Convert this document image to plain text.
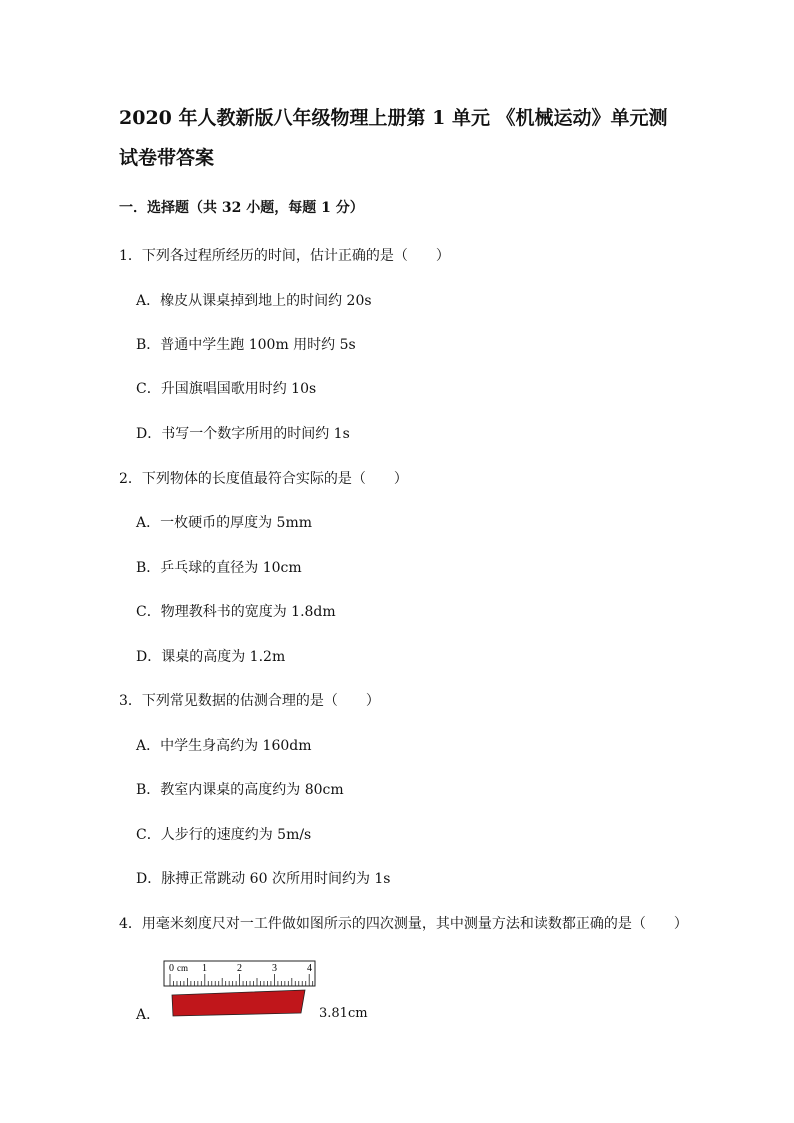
2020 年人教新版八年级物理上册第 1 单元 《机械运动》单元测
试卷带答案
一．选择题（共 32 小题，每题 1 分）
1．下列各过程所经历的时间，估计正确的是（　　）
A．橡皮从课桌掉到地上的时间约 20s
B．普通中学生跑 100m 用时约 5s
C．升国旗唱国歌用时约 10s
D．书写一个数字所用的时间约 1s
2．下列物体的长度值最符合实际的是（　　）
A．一枚硬币的厚度为 5mm
B．乒乓球的直径为 10cm
C．物理教科书的宽度为 1.8dm
D．课桌的高度为 1.2m
3．下列常见数据的估测合理的是（　　）
A．中学生身高约为 160dm
B．教室内课桌的高度约为 80cm
C．人步行的速度约为 5m/s
D．脉搏正常跳动 60 次所用时间约为 1s
4．用毫米刻度尺对一工件做如图所示的四次测量，其中测量方法和读数都正确的是（　　）
A．
0 cm 1	2	3	4
3.81cm
